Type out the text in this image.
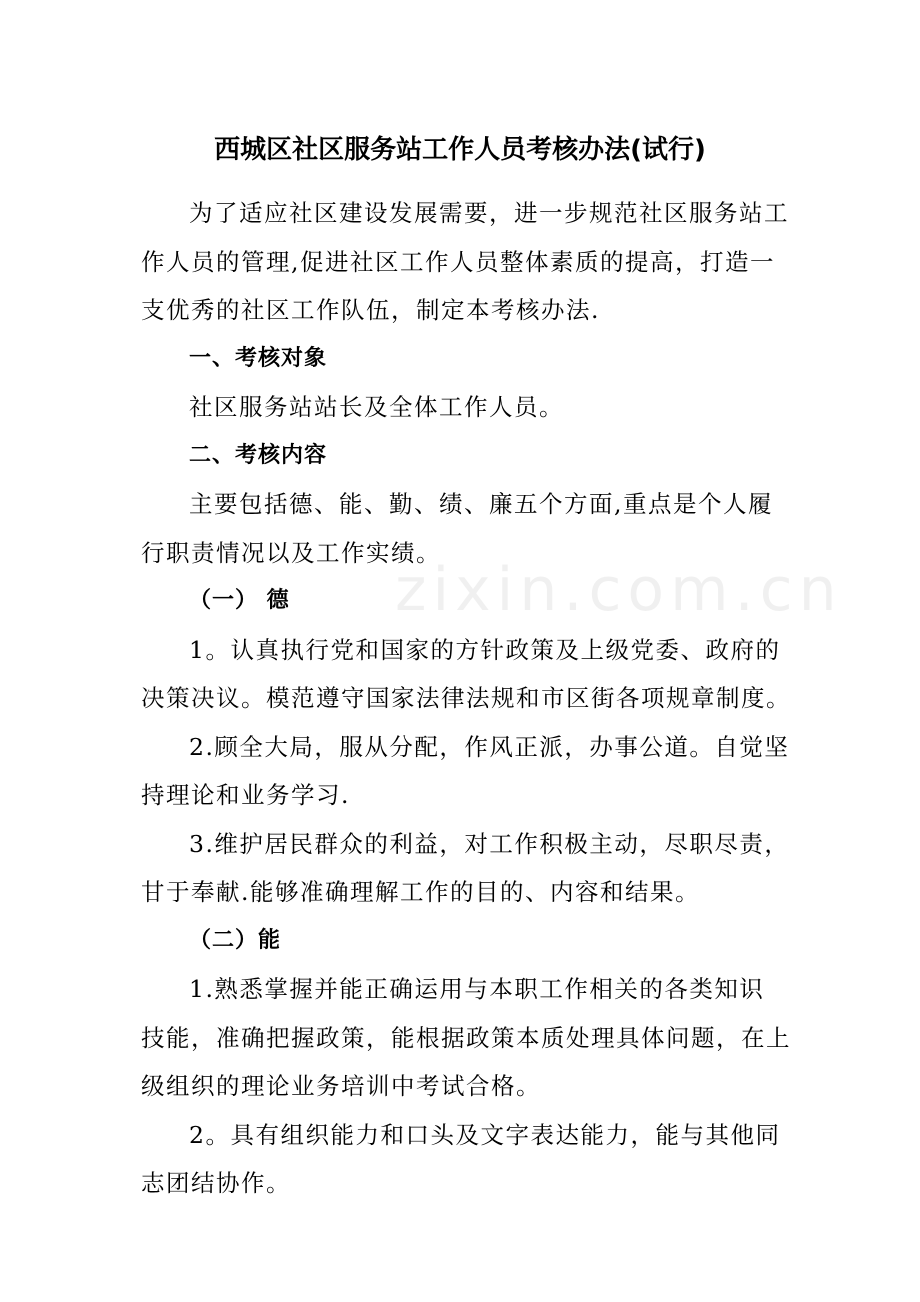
zixin.com.cn
西城区社区服务站工作人员考核办法(试行)

为了适应社区建设发展需要，进一步规范社区服务站工
作人员的管理,促进社区工作人员整体素质的提高，打造一
支优秀的社区工作队伍，制定本考核办法.

一、考核对象

社区服务站站长及全体工作人员。

二、考核内容

主要包括德、能、勤、绩、廉五个方面,重点是个人履
行职责情况以及工作实绩。

（一） 德

1。认真执行党和国家的方针政策及上级党委、政府的
决策决议。模范遵守国家法律法规和市区街各项规章制度。

2.顾全大局，服从分配，作风正派，办事公道。自觉坚
持理论和业务学习.

3.维护居民群众的利益，对工作积极主动，尽职尽责，
甘于奉献.能够准确理解工作的目的、内容和结果。

（二）能

1.熟悉掌握并能正确运用与本职工作相关的各类知识
技能，准确把握政策，能根据政策本质处理具体问题，在上
级组织的理论业务培训中考试合格。

2。具有组织能力和口头及文字表达能力，能与其他同
志团结协作。
